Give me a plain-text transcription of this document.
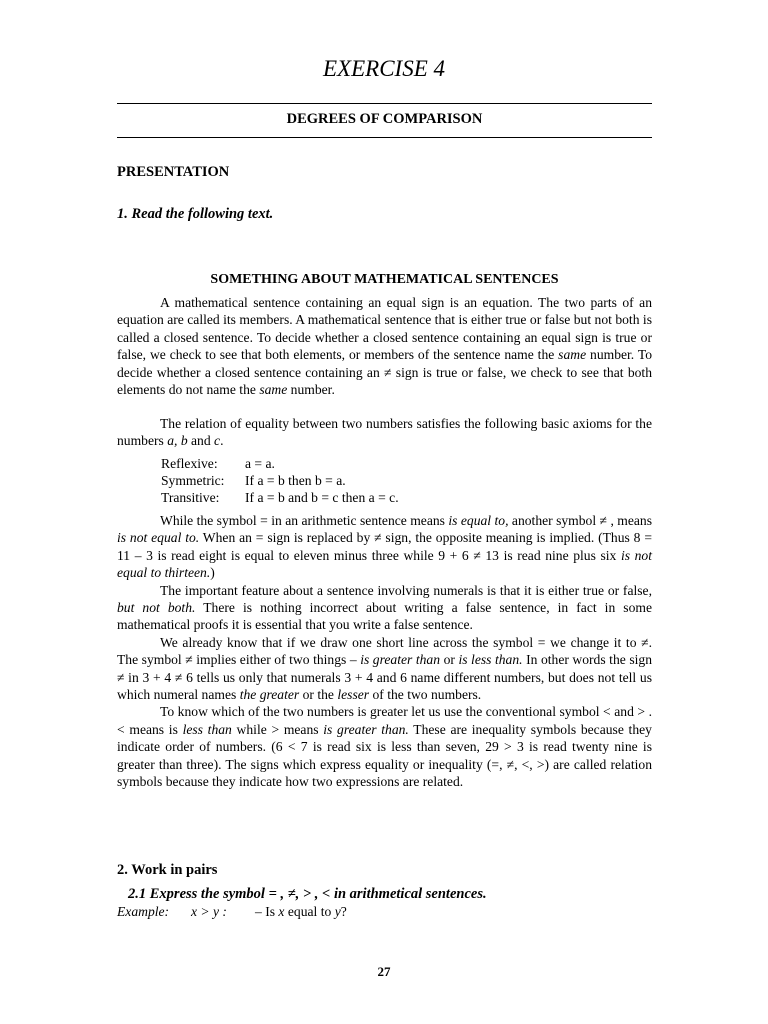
EXERCISE 4
DEGREES OF COMPARISON
PRESENTATION
1. Read the following text.
SOMETHING ABOUT MATHEMATICAL SENTENCES

A mathematical sentence containing an equal sign is an equation. The two parts of an equation are called its members. A mathematical sentence that is either true or false but not both is called a closed sentence. To decide whether a closed sentence containing an equal sign is true or false, we check to see that both elements, or members of the sentence name the same number. To decide whether a closed sentence containing an ≠ sign is true or false, we check to see that both elements do not name the same number.

The relation of equality between two numbers satisfies the following basic axioms for the numbers a, b and c.

Reflexive: a = a.
Symmetric: If a = b then b = a.
Transitive: If a = b and b = c then a = c.

While the symbol = in an arithmetic sentence means is equal to, another symbol ≠ , means is not equal to. When an = sign is replaced by ≠ sign, the opposite meaning is implied. (Thus 8 = 11 – 3 is read eight is equal to eleven minus three while 9 + 6 ≠ 13 is read nine plus six is not equal to thirteen.)

The important feature about a sentence involving numerals is that it is either true or false, but not both. There is nothing incorrect about writing a false sentence, in fact in some mathematical proofs it is essential that you write a false sentence.

We already know that if we draw one short line across the symbol = we change it to ≠. The symbol ≠ implies either of two things – is greater than or is less than. In other words the sign ≠ in 3 + 4 ≠ 6 tells us only that numerals 3 + 4 and 6 name different numbers, but does not tell us which numeral names the greater or the lesser of the two numbers.

To know which of the two numbers is greater let us use the conventional symbol < and > . < means is less than while > means is greater than. These are inequality symbols because they indicate order of numbers. (6 < 7 is read six is less than seven, 29 > 3 is read twenty nine is greater than three). The signs which express equality or inequality (=, ≠, <, >) are called relation symbols because they indicate how two expressions are related.

2. Work in pairs
2.1 Express the symbol = , ≠, > , < in arithmetical sentences.
Example: x > y : – Is x equal to y?
27
